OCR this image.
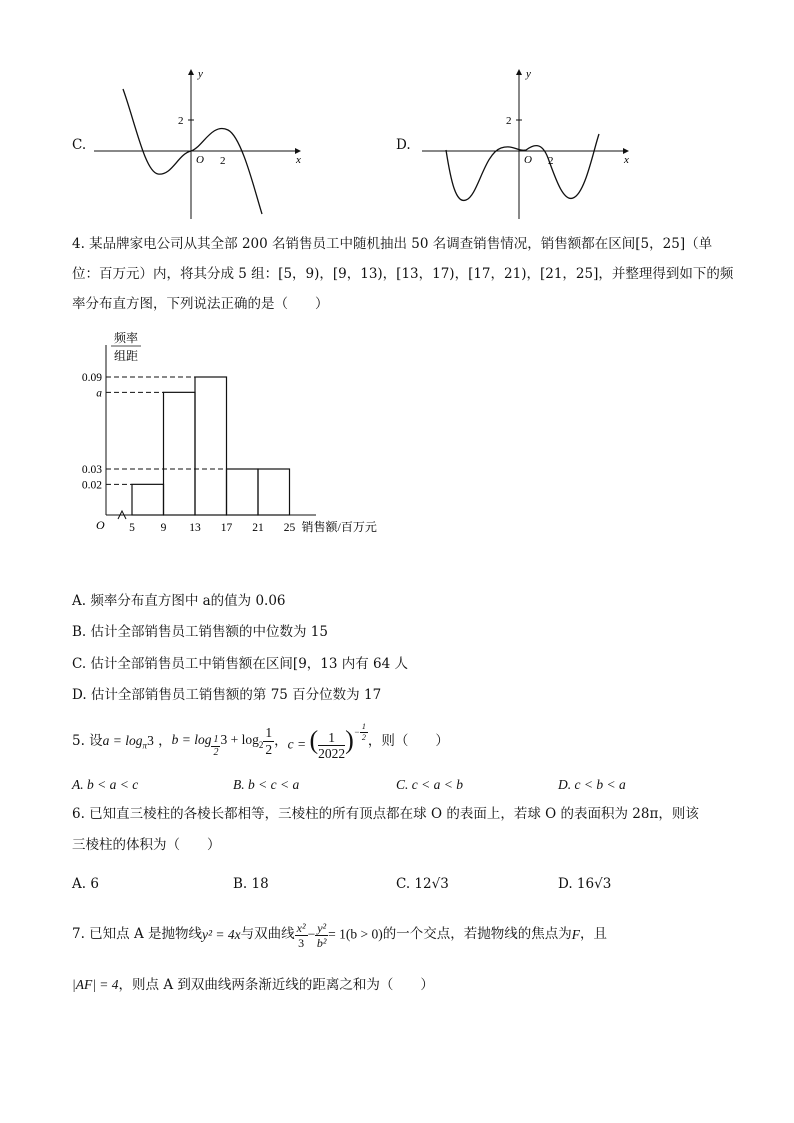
C.
2
y
x
O 2
D.
2
y
x
O 2
4. 某品牌家电公司从其全部 200 名销售员工中随机抽出 50 名调查销售情况，销售额都在区间[5，25]（单
位：百万元）内，将其分成 5 组：[5，9)，[9，13)，[13，17)，[17，21)，[21，25]，并整理得到如下的频
率分布直方图，下列说法正确的是（　　）
频率
组距
0.09
a
0.03
0.02
5 9 13 17 21 25
O	销售额/百万元
A. 频率分布直方图中 a的值为 0.06
B. 估计全部销售员工销售额的中位数为 15
C. 估计全部销售员工中销售额在区间[9，13 内有 64 人
D. 估计全部销售员工销售额的第 75 百分位数为 17
5. 设 $a = \log_\pi 3$ ， $b = \log \frac{1}{2} 3 + \log_2 \frac{1}{2}$ ， c = ( $\frac{1}{2022} )^{- \frac{1}{2}}$ ，则（　　）
A. b < a < c	B. b < c < a	C. c < a < b	D. c < b < a
6. 已知直三棱柱的各棱长都相等，三棱柱的所有顶点都在球 O 的表面上，若球 O 的表面积为 28π，则该
三棱柱的体积为（　　）
A. 6	B. 18	C. 12√3	D. 16√3
7. 已知点 A 是抛物线 y² = 4x 与双曲线 $\frac{\text{x²}}{3} - \frac{\text{y²}}{\text{b²}} = 1(b > 0)$ 的一个交点，若抛物线的焦点为 F ，且
|AF| = 4，则点 A 到双曲线两条渐近线的距离之和为（　　）
